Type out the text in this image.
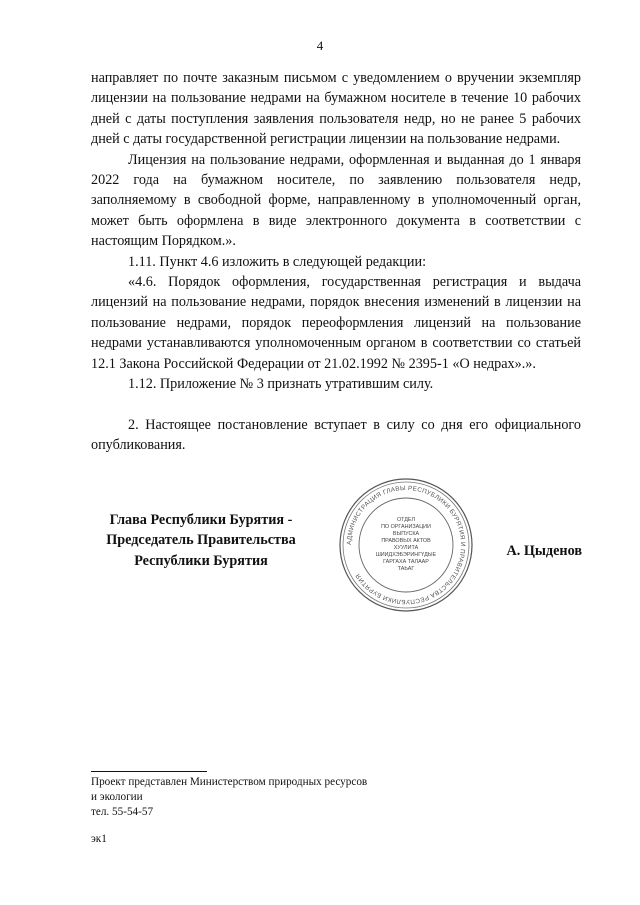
4

направляет по почте заказным письмом с уведомлением о вручении экземпляр лицензии на пользование недрами на бумажном носителе в течение 10 рабочих дней с даты поступления заявления пользователя недр, но не ранее 5 рабочих дней с даты государственной регистрации лицензии на пользование недрами.

Лицензия на пользование недрами, оформленная и выданная до 1 января 2022 года на бумажном носителе, по заявлению пользователя недр, заполняемому в свободной форме, направленному в уполномоченный орган, может быть оформлена в виде электронного документа в соответствии с настоящим Порядком.».

1.11. Пункт 4.6 изложить в следующей редакции:

«4.6. Порядок оформления, государственная регистрация и выдача лицензий на пользование недрами, порядок внесения изменений в лицензии на пользование недрами, порядок переоформления лицензий на пользование недрами устанавливаются уполномоченным органом в соответствии со статьей 12.1 Закона Российской Федерации от 21.02.1992 № 2395-1 «О недрах».».

1.12. Приложение № 3 признать утратившим силу.

2. Настоящее постановление вступает в силу со дня его официального опубликования.

Глава Республики Бурятия -
Председатель Правительства
Республики Бурятия
АДМИНИСТРАЦИЯ ГЛАВЫ РЕСПУБЛИКИ БУРЯТИЯ И ПРАВИТЕЛЬСТВА РЕСПУБЛИКИ БУРЯТИЯ
ОТДЕЛ
ПО ОРГАНИЗАЦИИ
ВЫПУСКА
ПРАВОВЫХ АКТОВ
ХУУЛИТА
ШИИДХЭБЭРИНГҮДЫЕ
ГАРГАХА ТАЛААР
ТАЬАГ
А. Цыденов
Проект представлен Министерством природных ресурсов
и экологии
тел. 55-54-57
эк1
